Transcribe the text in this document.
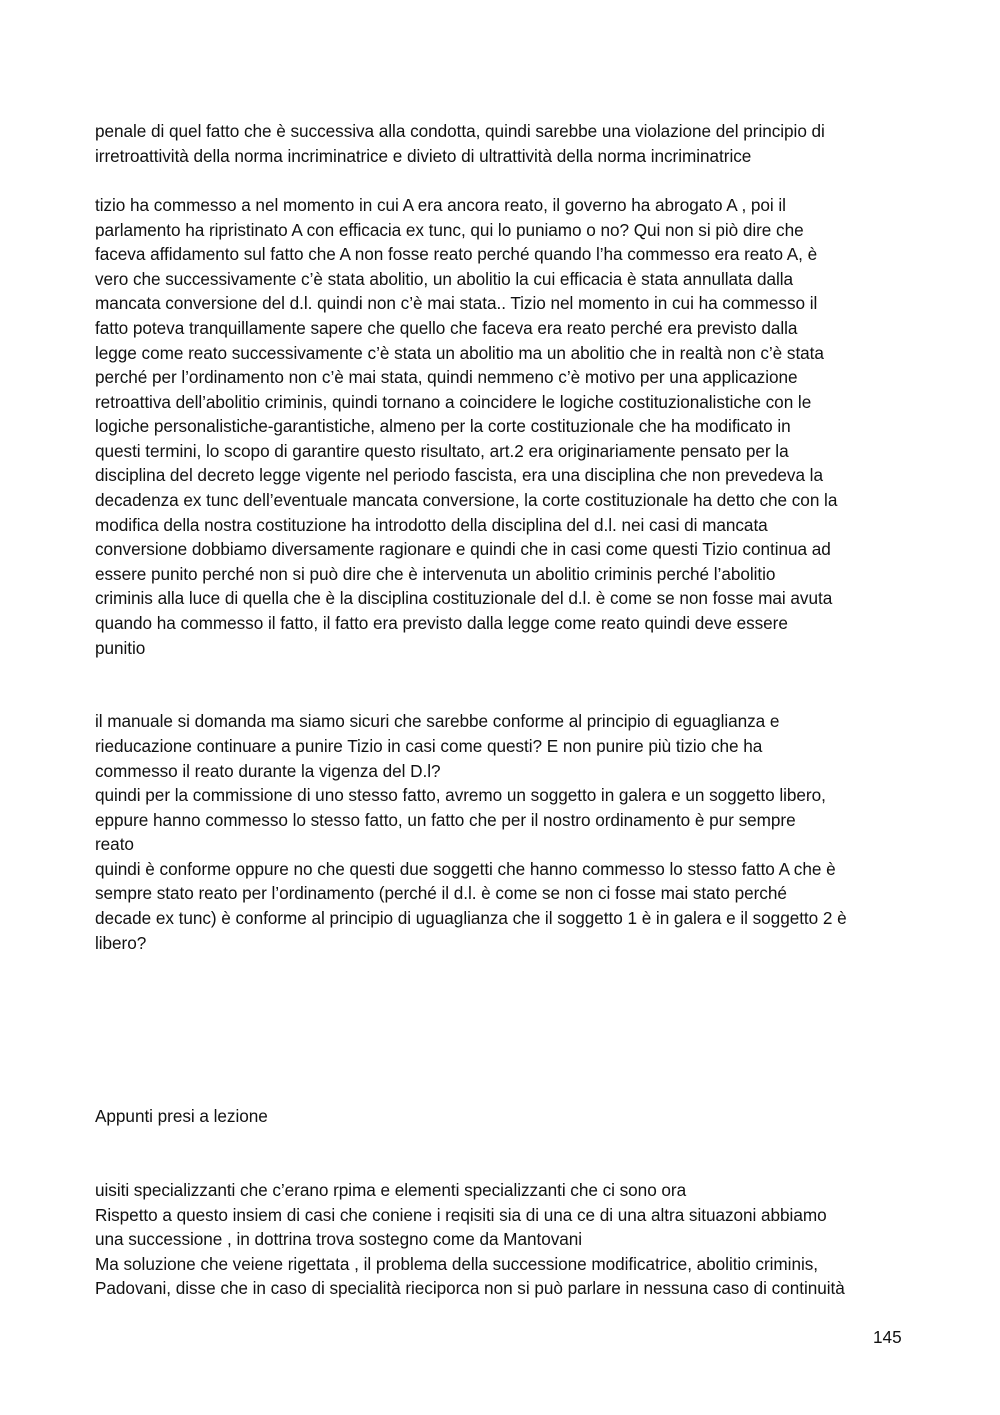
penale di quel fatto che è successiva alla condotta, quindi sarebbe una violazione del principio di
irretroattività della norma incriminatrice e divieto di ultrattività della norma incriminatrice
tizio ha commesso a nel momento in cui A era ancora reato, il governo ha abrogato A , poi il
parlamento ha ripristinato A con efficacia ex tunc, qui lo puniamo o no? Qui non si piò dire che
faceva affidamento sul fatto che A non fosse reato perché quando l’ha commesso era reato A, è
vero che successivamente c’è stata abolitio, un abolitio la cui efficacia è stata annullata dalla
mancata conversione del d.l. quindi non c’è mai stata.. Tizio nel momento in cui ha commesso il
fatto poteva tranquillamente sapere che quello che faceva era reato perché era previsto dalla
legge come reato successivamente c’è stata un abolitio ma un abolitio che in realtà non c’è stata
perché per l’ordinamento non c’è mai stata, quindi nemmeno c’è motivo per una applicazione
retroattiva dell’abolitio criminis, quindi tornano a coincidere le logiche costituzionalistiche con le
logiche personalistiche-garantistiche, almeno per la corte costituzionale che ha modificato in
questi termini, lo scopo di garantire questo risultato, art.2 era originariamente pensato per la
disciplina del decreto legge vigente nel periodo fascista, era una disciplina che non prevedeva la
decadenza ex tunc dell’eventuale mancata conversione, la corte costituzionale ha detto che con la
modifica della nostra costituzione ha introdotto della disciplina del d.l. nei casi di mancata
conversione dobbiamo diversamente ragionare e quindi che in casi come questi Tizio continua ad
essere punito perché non si può dire che è intervenuta un abolitio criminis perché l’abolitio
criminis alla luce di quella che è la disciplina costituzionale del d.l. è come se non fosse mai avuta
quando ha commesso il fatto, il fatto era previsto dalla legge come reato quindi deve essere
punitio
il manuale si domanda ma siamo sicuri che sarebbe conforme al principio di eguaglianza e
rieducazione continuare a punire Tizio in casi come questi? E non punire più tizio che ha
commesso il reato durante la vigenza del D.l?
quindi per la commissione di uno stesso fatto, avremo un soggetto in galera e un soggetto libero,
eppure hanno commesso lo stesso fatto, un fatto che per il nostro ordinamento è pur sempre
reato
quindi è conforme oppure no che questi due soggetti che hanno commesso lo stesso fatto A che è
sempre stato reato per l’ordinamento (perché il d.l. è come se non ci fosse mai stato perché
decade ex tunc) è conforme al principio di uguaglianza che il soggetto 1 è in galera e il soggetto 2 è
libero?
Appunti presi a lezione
uisiti specializzanti che c’erano rpima e elementi specializzanti che ci sono ora
Rispetto a questo insiem di casi che coniene i reqisiti sia di una ce di una altra situazoni abbiamo
una successione , in dottrina trova sostegno come da Mantovani
Ma soluzione che veiene rigettata , il problema della successione modificatrice, abolitio criminis,
Padovani, disse che in caso di specialità rieciporca non si può parlare in nessuna caso di continuità
145
